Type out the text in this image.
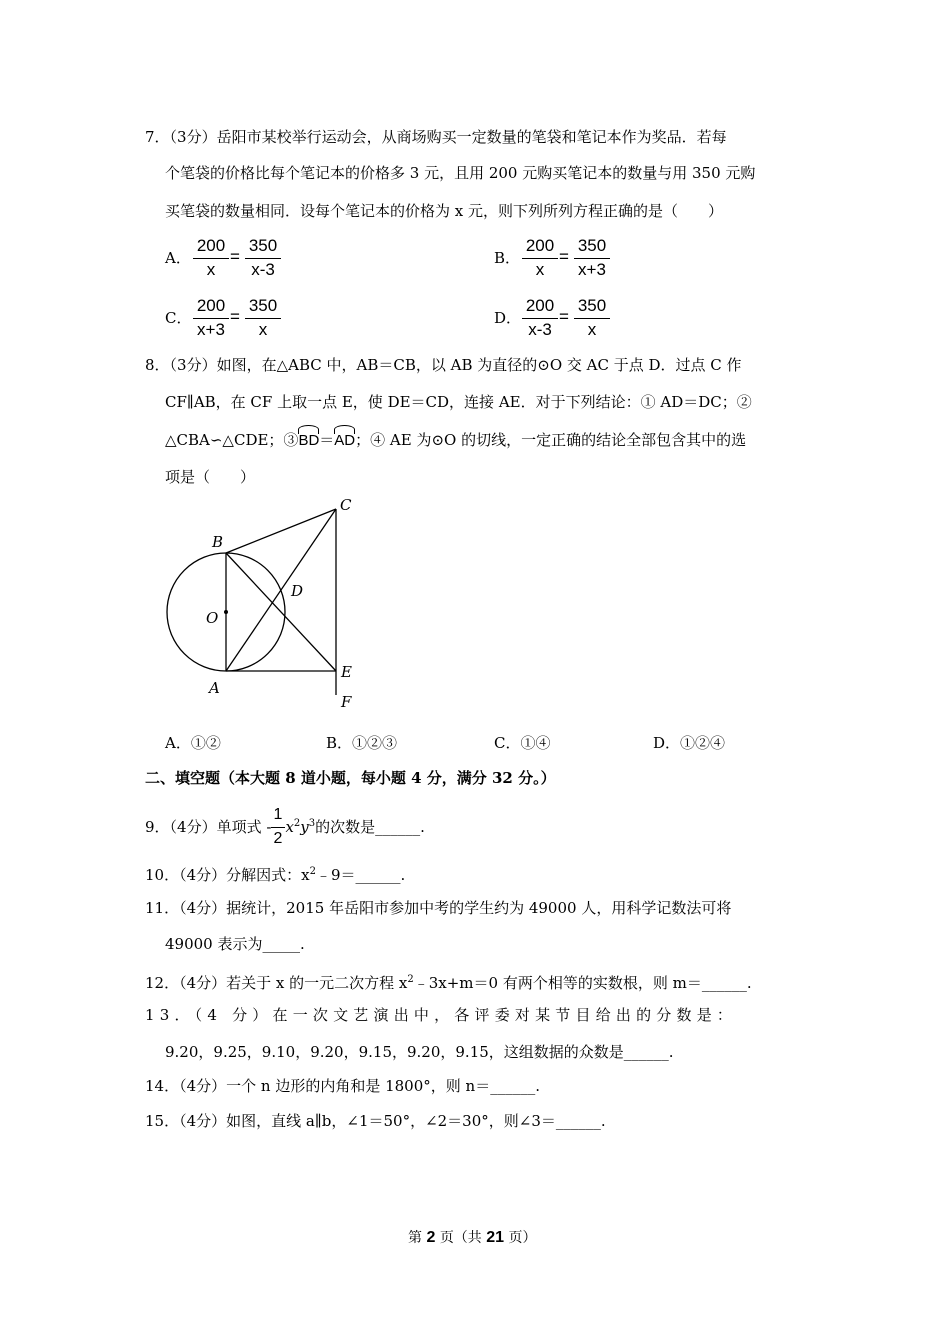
7．（3分）岳阳市某校举行运动会，从商场购买一定数量的笔袋和笔记本作为奖品．若每
个笔袋的价格比每个笔记本的价格多 3 元，且用 200 元购买笔记本的数量与用 350 元购
买笔袋的数量相同．设每个笔记本的价格为 x 元，则下列所列方程正确的是（　　）
A．
200
x
=
350
x-3
B．
200
x
=
350
x+3
C．
200
x+3
=
350
x
D．
200
x-3
=
350
x
8．（3分）如图，在△ABC 中，AB＝CB，以 AB 为直径的⊙O 交 AC 于点 D．过点 C 作
CF∥AB，在 CF 上取一点 E，使 DE＝CD，连接 AE．对于下列结论：① AD＝DC；②
△CBA∽△CDE；③BD＝AD；④ AE 为⊙O 的切线，一定正确的结论全部包含其中的选
项是（　　）
B
C
O
D
E
A
F
A．①②	B．①②③	C．①④	D．①②④
二、填空题（本大题 8 道小题，每小题 4 分，满分 32 分。）
9．（4分）单项式 - $\frac{1}{2} x^2y^3$的次数是______.
10．（4分）分解因式：$x^2﹣9=\_\_\_\_\_\_$.
11．（4分）据统计，2015 年岳阳市参加中考的学生约为 49000 人，用科学记数法可将
49000 表示为_____.
12．（4分）若关于 x 的一元二次方程 $x^2﹣3x+m=0$ 有两个相等的实数根，则 m＝______.
13．（4 分）在一次文艺演出中，各评委对某节目给出的分数是：
9.20，9.25，9.10，9.20，9.15，9.20，9.15，这组数据的众数是______.
14．（4分）一个 n 边形的内角和是 1800°，则 n＝______.
15．（4分）如图，直线 a∥b，∠1＝50°，∠2＝30°，则∠3＝______.
第 2 页（共 21 页）
